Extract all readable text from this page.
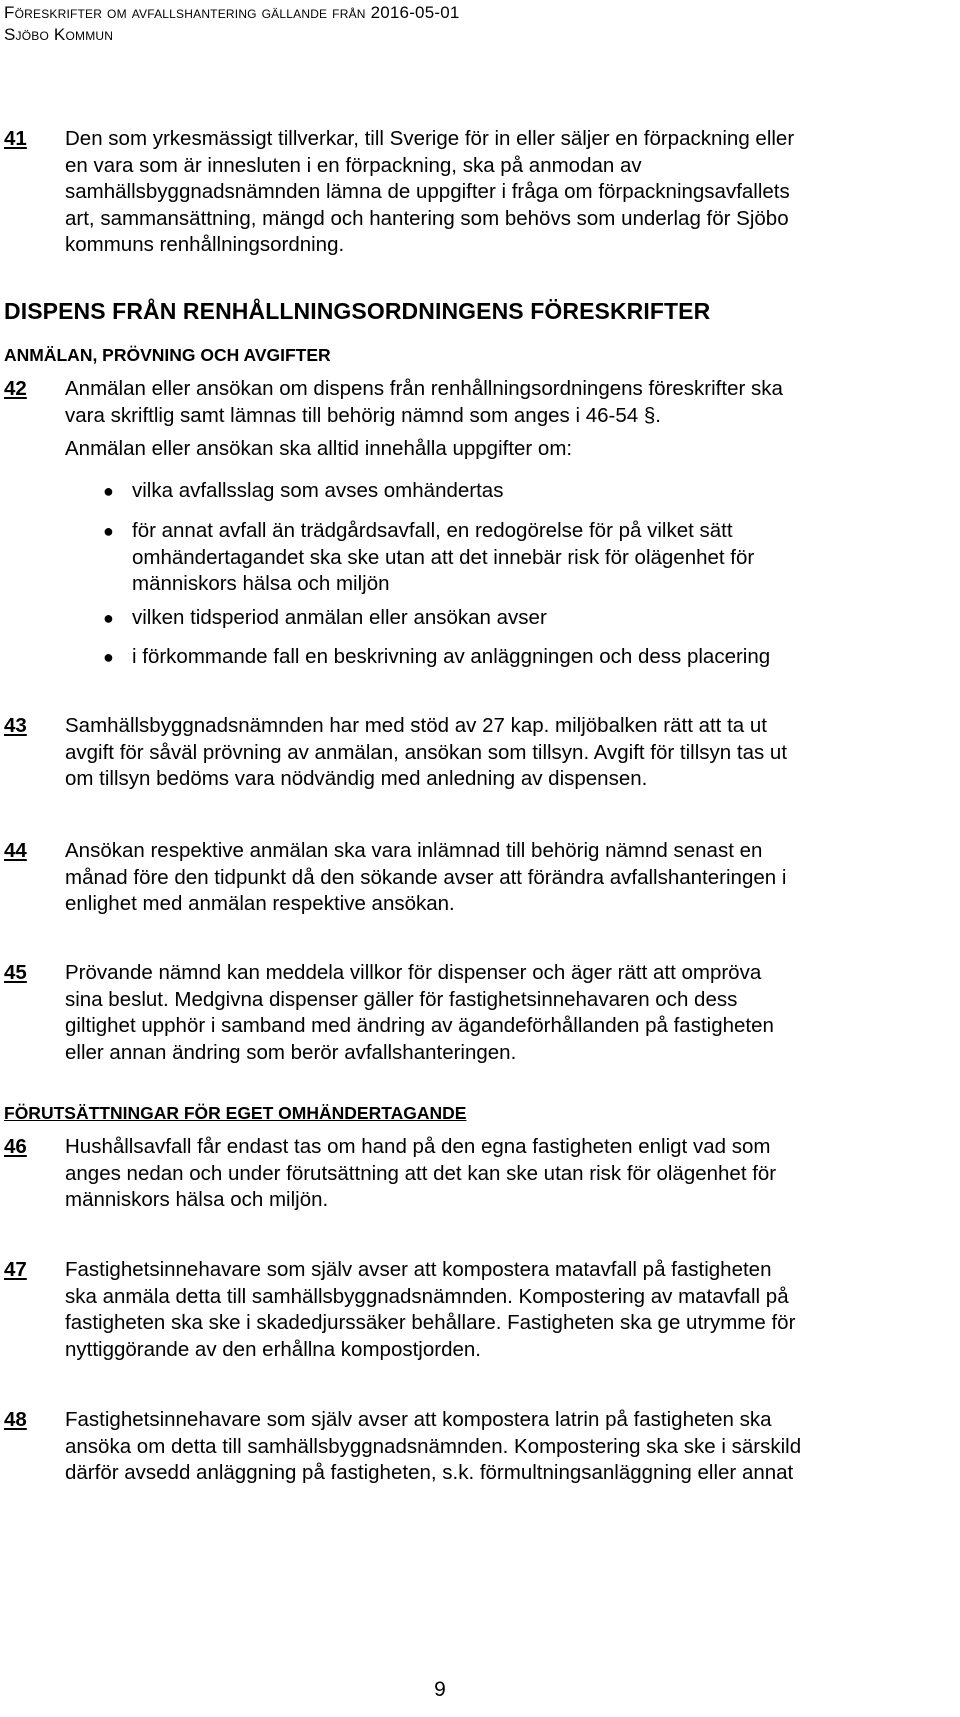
Föreskrifter om avfallshantering gällande från 2016-05-01
Sjöbo Kommun
41 Den som yrkesmässigt tillverkar, till Sverige för in eller säljer en förpackning eller
en vara som är innesluten i en förpackning, ska på anmodan av
samhällsbyggnadsnämnden lämna de uppgifter i fråga om förpackningsavfallets
art, sammansättning, mängd och hantering som behövs som underlag för Sjöbo
kommuns renhållningsordning.
DISPENS FRÅN RENHÅLLNINGSORDNINGENS FÖRESKRIFTER
ANMÄLAN, PRÖVNING OCH AVGIFTER
42 Anmälan eller ansökan om dispens från renhållningsordningens föreskrifter ska
vara skriftlig samt lämnas till behörig nämnd som anges i 46-54 §.
Anmälan eller ansökan ska alltid innehålla uppgifter om:
● vilka avfallsslag som avses omhändertas
● för annat avfall än trädgårdsavfall, en redogörelse för på vilket sätt
omhändertagandet ska ske utan att det innebär risk för olägenhet för
människors hälsa och miljön
● vilken tidsperiod anmälan eller ansökan avser
● i förkommande fall en beskrivning av anläggningen och dess placering
43 Samhällsbyggnadsnämnden har med stöd av 27 kap. miljöbalken rätt att ta ut
avgift för såväl prövning av anmälan, ansökan som tillsyn. Avgift för tillsyn tas ut
om tillsyn bedöms vara nödvändig med anledning av dispensen.
44 Ansökan respektive anmälan ska vara inlämnad till behörig nämnd senast en
månad före den tidpunkt då den sökande avser att förändra avfallshanteringen i
enlighet med anmälan respektive ansökan.
45 Prövande nämnd kan meddela villkor för dispenser och äger rätt att ompröva
sina beslut. Medgivna dispenser gäller för fastighetsinnehavaren och dess
giltighet upphör i samband med ändring av ägandeförhållanden på fastigheten
eller annan ändring som berör avfallshanteringen.
FÖRUTSÄTTNINGAR FÖR EGET OMHÄNDERTAGANDE
46 Hushållsavfall får endast tas om hand på den egna fastigheten enligt vad som
anges nedan och under förutsättning att det kan ske utan risk för olägenhet för
människors hälsa och miljön.
47 Fastighetsinnehavare som själv avser att kompostera matavfall på fastigheten
ska anmäla detta till samhällsbyggnadsnämnden. Kompostering av matavfall på
fastigheten ska ske i skadedjurssäker behållare. Fastigheten ska ge utrymme för
nyttiggörande av den erhållna kompostjorden.
48 Fastighetsinnehavare som själv avser att kompostera latrin på fastigheten ska
ansöka om detta till samhällsbyggnadsnämnden. Kompostering ska ske i särskild
därför avsedd anläggning på fastigheten, s.k. förmultningsanläggning eller annat
9
